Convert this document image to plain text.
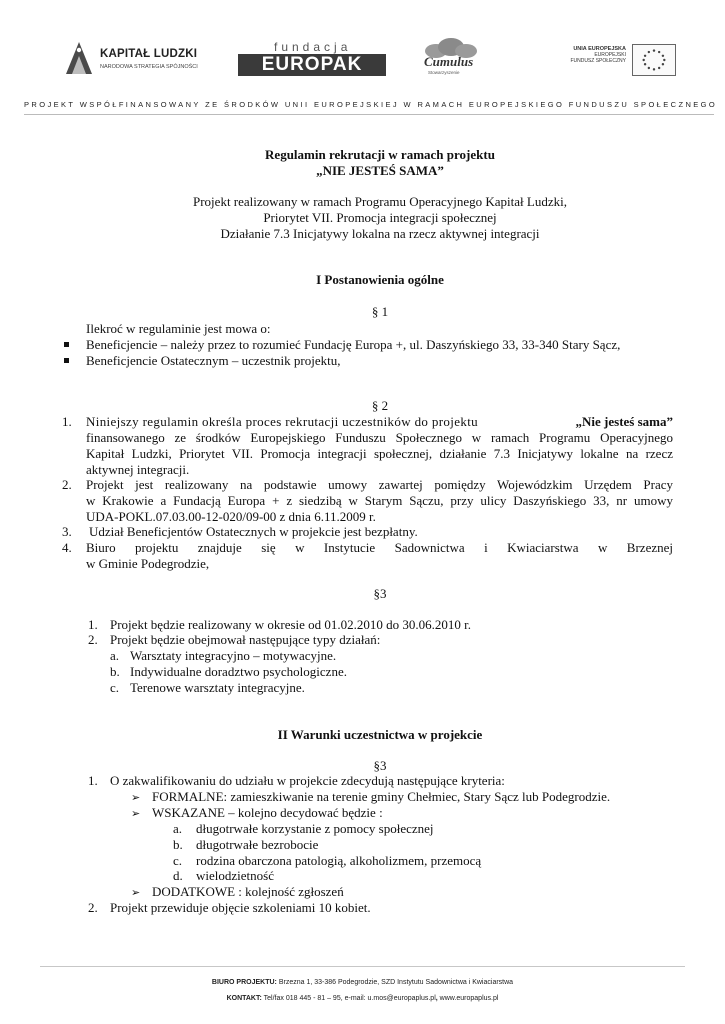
KAPITAŁ LUDZKI
NARODOWA STRATEGIA SPÓJNOŚCI
fundacja
EUROPAK	Cumulus
Stowarzyszenie
UNIA EUROPEJSKA
EUROPEJSKI
FUNDUSZ SPOŁECZNY
PROJEKT WSPÓŁFINANSOWANY ZE ŚRODKÓW UNII EUROPEJSKIEJ W RAMACH EUROPEJSKIEGO FUNDUSZU SPOŁECZNEGO

Regulamin rekrutacji w ramach projektu

„NIE JESTEŚ SAMA”

Projekt realizowany w ramach Programu Operacyjnego Kapitał Ludzki,

Priorytet VII. Promocja integracji społecznej

Działanie 7.3 Inicjatywy lokalna na rzecz aktywnej integracji

I Postanowienia ogólne

§ 1

Ilekroć w regulaminie jest mowa o:

Beneficjencie – należy przez to rozumieć Fundację Europa +, ul. Daszyńskiego 33, 33-340 Stary Sącz,

Beneficjencie Ostatecznym – uczestnik projektu,

§ 2

1. Niniejszy regulamin określa proces rekrutacji uczestników do projektu	„Nie jesteś sama”

finansowanego ze środków Europejskiego Funduszu Społecznego w ramach Programu Operacyjnego

Kapitał Ludzki, Priorytet VII. Promocja integracji społecznej, działanie 7.3 Inicjatywy lokalne na rzecz

aktywnej integracji.

2. Projekt jest realizowany na podstawie umowy zawartej pomiędzy Wojewódzkim Urzędem Pracy

w Krakowie a Fundacją Europa + z siedzibą w Starym Sączu, przy ulicy Daszyńskiego 33, nr umowy

UDA-POKL.07.03.00-12-020/09-00 z dnia 6.11.2009 r.

3. Udział Beneficjentów Ostatecznych w projekcie jest bezpłatny.

4. Biuro projektu znajduje się w Instytucie Sadownictwa i Kwiaciarstwa w Brzeznej

w Gminie Podegrodzie,

§3

1. Projekt będzie realizowany w okresie od 01.02.2010 do 30.06.2010 r.

2. Projekt będzie obejmował następujące typy działań:

a. Warsztaty integracyjno – motywacyjne.

b. Indywidualne doradztwo psychologiczne.

c. Terenowe warsztaty integracyjne.

II Warunki uczestnictwa w projekcie

§3

1. O zakwalifikowaniu do udziału w projekcie zdecydują następujące kryteria:

➢ FORMALNE: zamieszkiwanie na terenie gminy Chełmiec, Stary Sącz lub Podegrodzie.

➢ WSKAZANE – kolejno decydować będzie :

a. długotrwałe korzystanie z pomocy społecznej

b. długotrwałe bezrobocie

c. rodzina obarczona patologią, alkoholizmem, przemocą

d. wielodzietność

➢ DODATKOWE : kolejność zgłoszeń

2. Projekt przewiduje objęcie szkoleniami 10 kobiet.

BIURO PROJEKTU: Brzezna 1, 33-386 Podegrodzie, SZD Instytutu Sadownictwa i Kwiaciarstwa
KONTAKT: Tel/fax 018 445 - 81 – 95, e-mail: u.mos@europaplus.pl, www.europaplus.pl
